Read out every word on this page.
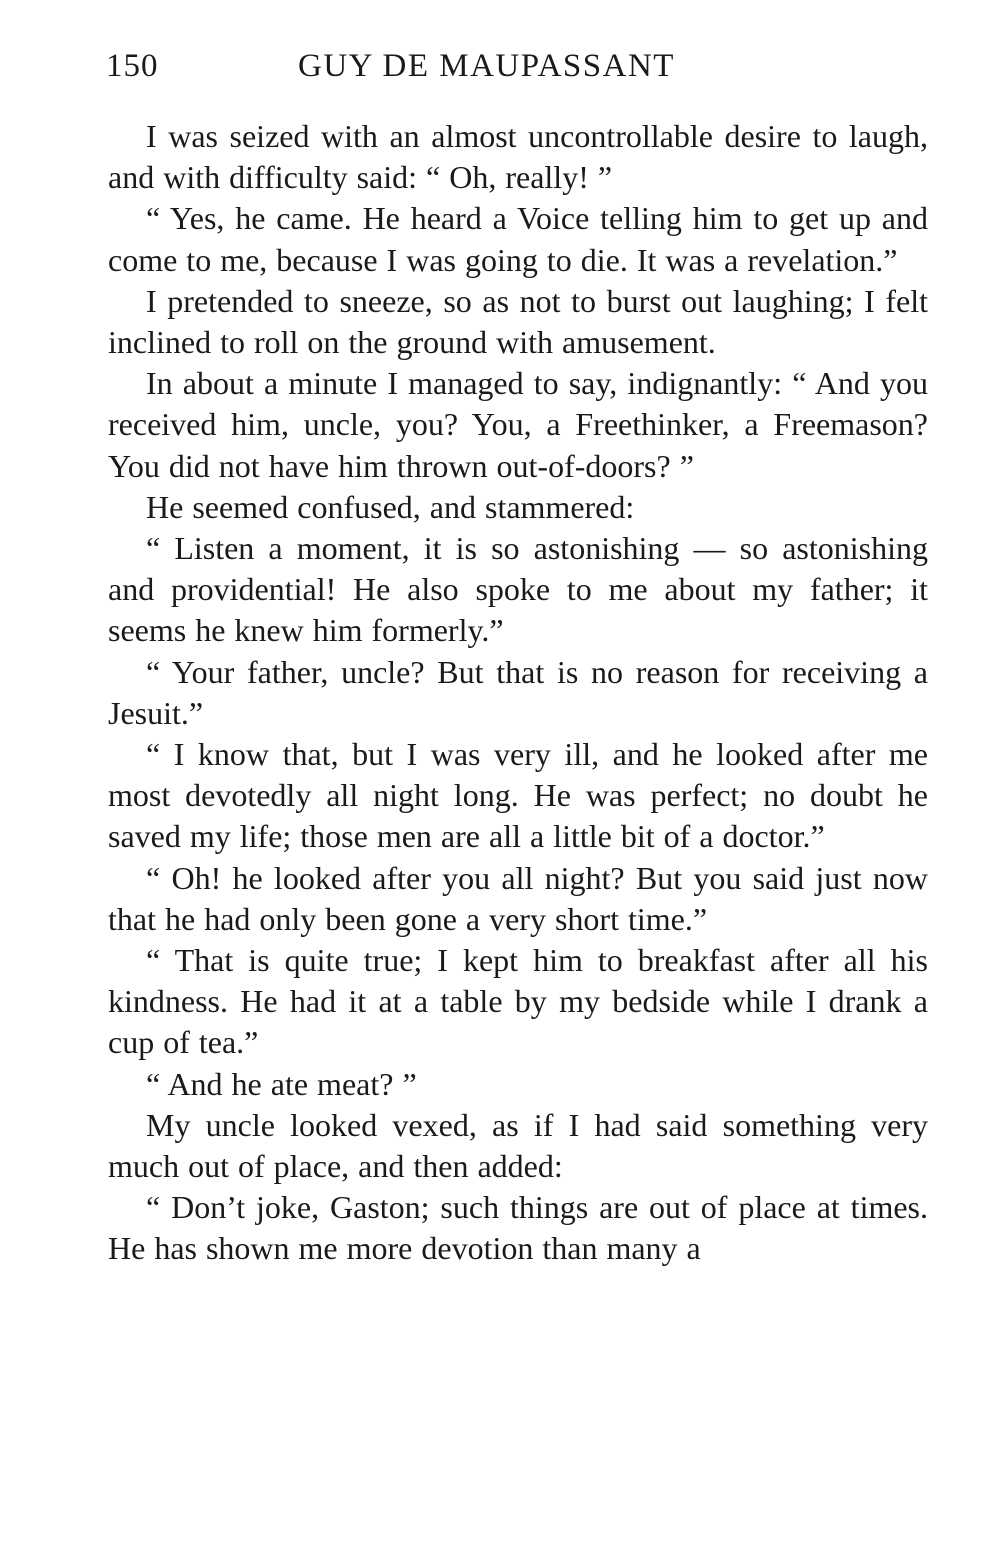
150	GUY DE MAUPASSANT

I was seized with an almost uncontrollable desire to laugh, and with difficulty said: “ Oh, really! ”

“ Yes, he came. He heard a Voice telling him to get up and come to me, because I was going to die. It was a revelation.”

I pretended to sneeze, so as not to burst out laughing; I felt inclined to roll on the ground with amusement.

In about a minute I managed to say, indignantly: “ And you received him, uncle, you? You, a Freethinker, a Freemason? You did not have him thrown out-of-doors? ”

He seemed confused, and stammered:

“ Listen a moment, it is so astonishing — so astonishing and providential! He also spoke to me about my father; it seems he knew him formerly.”

“ Your father, uncle? But that is no reason for receiving a Jesuit.”

“ I know that, but I was very ill, and he looked after me most devotedly all night long. He was perfect; no doubt he saved my life; those men are all a little bit of a doctor.”

“ Oh! he looked after you all night? But you said just now that he had only been gone a very short time.”

“ That is quite true; I kept him to breakfast after all his kindness. He had it at a table by my bedside while I drank a cup of tea.”

“ And he ate meat? ”

My uncle looked vexed, as if I had said something very much out of place, and then added:

“ Don’t joke, Gaston; such things are out of place at times. He has shown me more devotion than many a
